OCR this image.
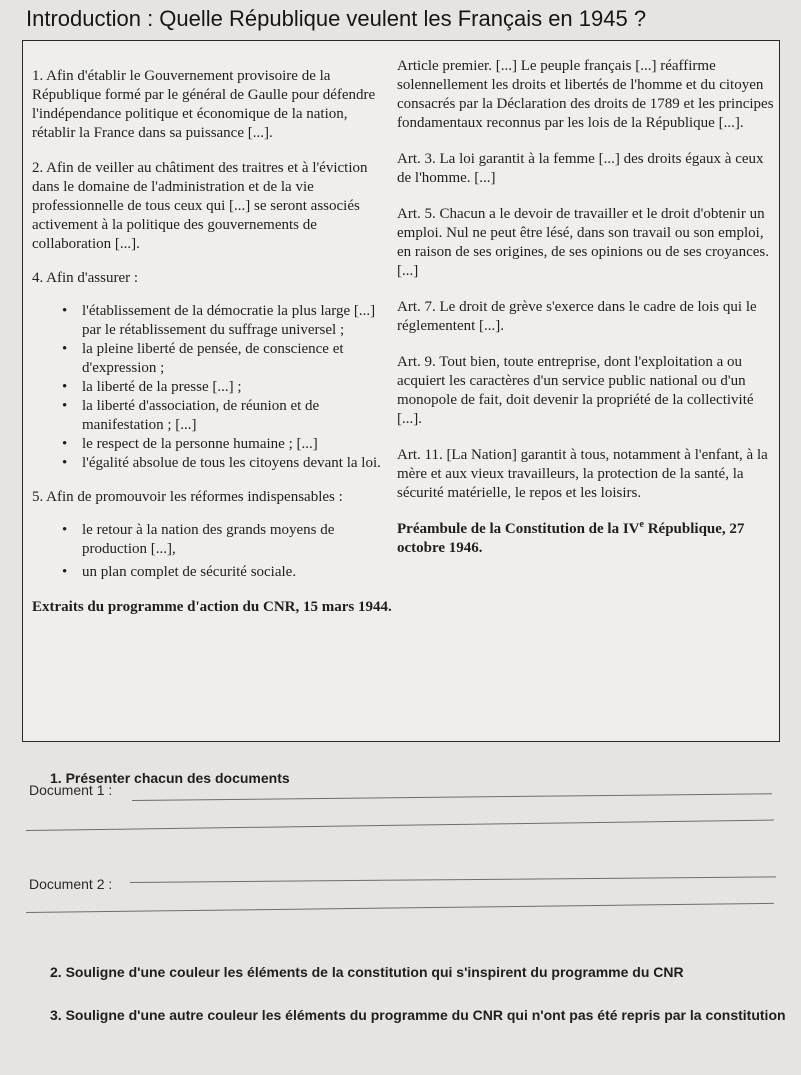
Introduction : Quelle République veulent les Français en 1945 ?

1. Afin d'établir le Gouvernement provisoire de la République formé par le général de Gaulle pour défendre l'indépendance politique et économique de la nation, rétablir la France dans sa puissance [...].

2. Afin de veiller au châtiment des traitres et à l'éviction dans le domaine de l'administration et de la vie professionnelle de tous ceux qui [...] se seront associés activement à la politique des gouvernements de collaboration [...].

4. Afin d'assurer :

• l'établissement de la démocratie la plus large [...] par le rétablissement du suffrage universel ;
• la pleine liberté de pensée, de conscience et d'expression ;
• la liberté de la presse [...] ;
• la liberté d'association, de réunion et de manifestation ; [...]
• le respect de la personne humaine ; [...]
• l'égalité absolue de tous les citoyens devant la loi.

5. Afin de promouvoir les réformes indispensables :

• le retour à la nation des grands moyens de production [...],
• un plan complet de sécurité sociale.

Extraits du programme d'action du CNR, 15 mars 1944.

Article premier. [...] Le peuple français [...] réaffirme solennellement les droits et libertés de l'homme et du citoyen consacrés par la Déclaration des droits de 1789 et les principes fondamentaux reconnus par les lois de la République [...].

Art. 3. La loi garantit à la femme [...] des droits égaux à ceux de l'homme. [...]

Art. 5. Chacun a le devoir de travailler et le droit d'obtenir un emploi. Nul ne peut être lésé, dans son travail ou son emploi, en raison de ses origines, de ses opinions ou de ses croyances. [...]

Art. 7. Le droit de grève s'exerce dans le cadre de lois qui le réglementent [...].

Art. 9. Tout bien, toute entreprise, dont l'exploitation a ou acquiert les caractères d'un service public national ou d'un monopole de fait, doit devenir la propriété de la collectivité [...].

Art. 11. [La Nation] garantit à tous, notamment à l'enfant, à la mère et aux vieux travailleurs, la protection de la santé, la sécurité matérielle, le repos et les loisirs.

Préambule de la Constitution de la IVe République, 27 octobre 1946.

1. Présenter chacun des documents

Document 1 :
Document 2 :

2. Souligne d'une couleur les éléments de la constitution qui s'inspirent du programme du CNR

3. Souligne d'une autre couleur les éléments du programme du CNR qui n'ont pas été repris par la constitution
